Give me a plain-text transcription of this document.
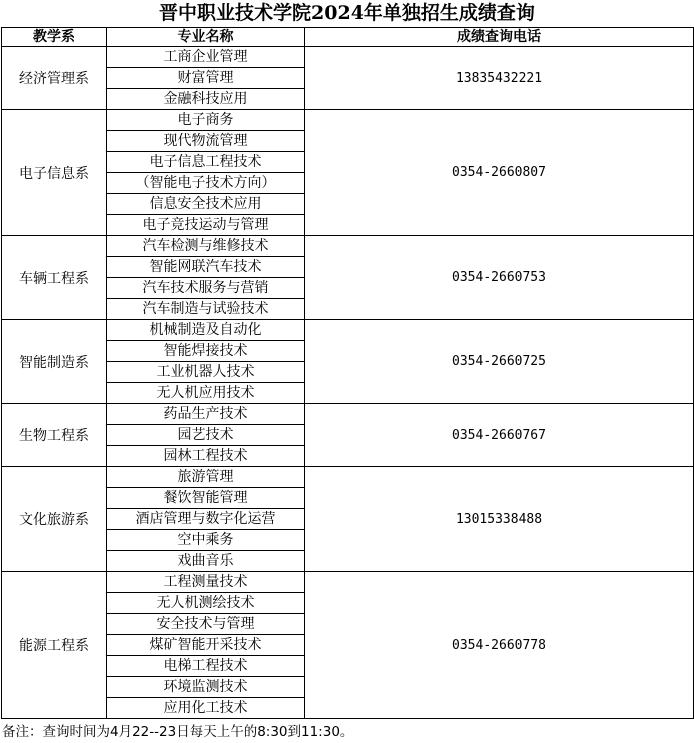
晋中职业技术学院2024年单独招生成绩查询
教学系	专业名称	成绩查询电话
经济管理系	工商企业管理	13835432221
	财富管理	
	金融科技应用	
电子信息系	电子商务	0354-2660807
	现代物流管理	
	电子信息工程技术	
	（智能电子技术方向）	
	信息安全技术应用	
	电子竞技运动与管理	
车辆工程系	汽车检测与维修技术	0354-2660753
	智能网联汽车技术	
	汽车技术服务与营销	
	汽车制造与试验技术	
智能制造系	机械制造及自动化	0354-2660725
	智能焊接技术	
	工业机器人技术	
	无人机应用技术	
生物工程系	药品生产技术	0354-2660767
	园艺技术	
	园林工程技术	
文化旅游系	旅游管理	13015338488
	餐饮智能管理	
	酒店管理与数字化运营	
	空中乘务	
	戏曲音乐	
能源工程系	工程测量技术	0354-2660778
	无人机测绘技术	
	安全技术与管理	
	煤矿智能开采技术	
	电梯工程技术	
	环境监测技术	
	应用化工技术	
备注：查询时间为4月22--23日每天上午的8:30到11:30。
